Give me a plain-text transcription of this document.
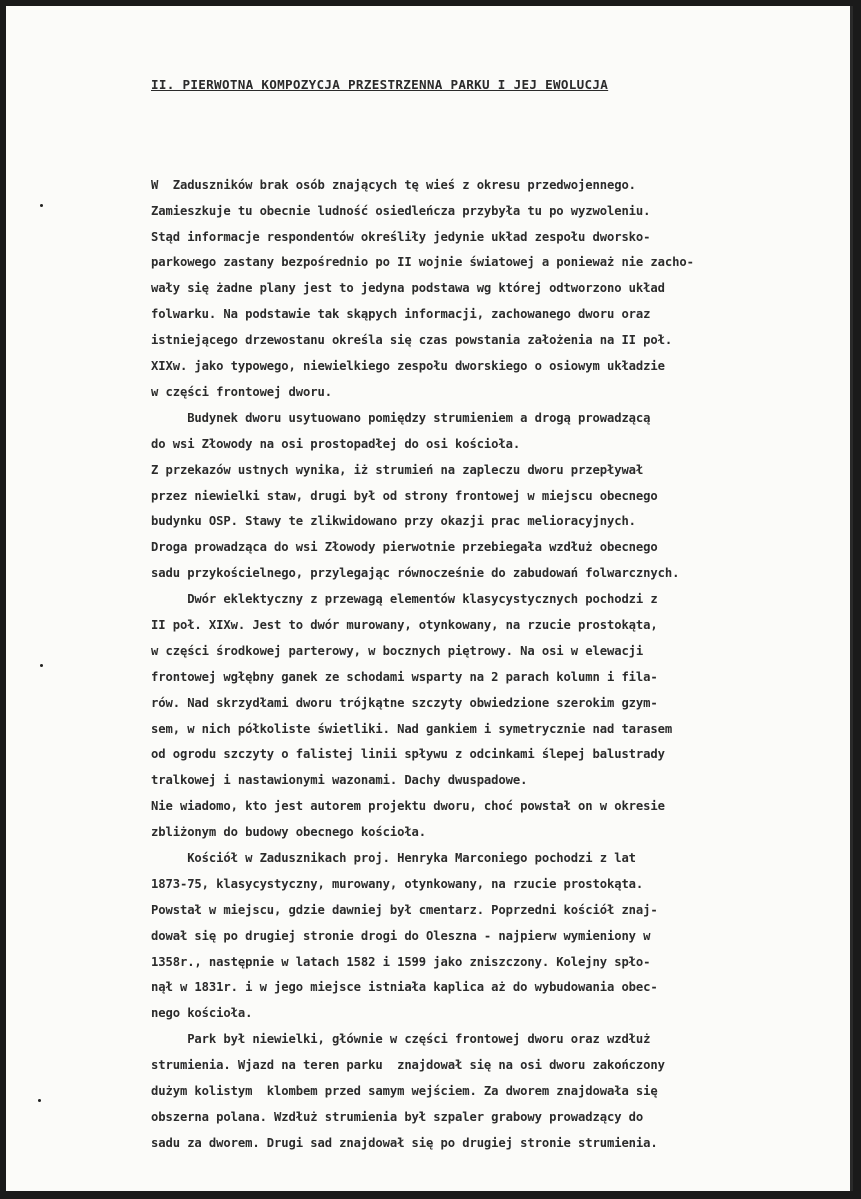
II. PIERWOTNA KOMPOZYCJA PRZESTRZENNA PARKU I JEJ EWOLUCJA

W  Zaduszników brak osób znających tę wieś z okresu przedwojennego.
Zamieszkuje tu obecnie ludność osiedleńcza przybyła tu po wyzwoleniu.
Stąd informacje respondentów określiły jedynie układ zespołu dworsko-
parkowego zastany bezpośrednio po II wojnie światowej a ponieważ nie zacho-
wały się żadne plany jest to jedyna podstawa wg której odtworzono układ
folwarku. Na podstawie tak skąpych informacji, zachowanego dworu oraz
istniejącego drzewostanu określa się czas powstania założenia na II poł.
XIXw. jako typowego, niewielkiego zespołu dworskiego o osiowym układzie
w części frontowej dworu.
Budynek dworu usytuowano pomiędzy strumieniem a drogą prowadzącą
do wsi Złowody na osi prostopadłej do osi kościoła.
Z przekazów ustnych wynika, iż strumień na zapleczu dworu przepływał
przez niewielki staw, drugi był od strony frontowej w miejscu obecnego
budynku OSP. Stawy te zlikwidowano przy okazji prac melioracyjnych.
Droga prowadząca do wsi Złowody pierwotnie przebiegała wzdłuż obecnego
sadu przykościelnego, przylegając równocześnie do zabudowań folwarcznych.
Dwór eklektyczny z przewagą elementów klasycystycznych pochodzi z
II poł. XIXw. Jest to dwór murowany, otynkowany, na rzucie prostokąta,
w części środkowej parterowy, w bocznych piętrowy. Na osi w elewacji
frontowej wgłębny ganek ze schodami wsparty na 2 parach kolumn i fila-
rów. Nad skrzydłami dworu trójkątne szczyty obwiedzione szerokim gzym-
sem, w nich półkoliste świetliki. Nad gankiem i symetrycznie nad tarasem
od ogrodu szczyty o falistej linii spływu z odcinkami ślepej balustrady
tralkowej i nastawionymi wazonami. Dachy dwuspadowe.
Nie wiadomo, kto jest autorem projektu dworu, choć powstał on w okresie
zbliżonym do budowy obecnego kościoła.
Kościół w Zadusznikach proj. Henryka Marconiego pochodzi z lat
1873-75, klasycystyczny, murowany, otynkowany, na rzucie prostokąta.
Powstał w miejscu, gdzie dawniej był cmentarz. Poprzedni kościół znaj-
dował się po drugiej stronie drogi do Oleszna - najpierw wymieniony w
1358r., następnie w latach 1582 i 1599 jako zniszczony. Kolejny spło-
nął w 1831r. i w jego miejsce istniała kaplica aż do wybudowania obec-
nego kościoła.
Park był niewielki, głównie w części frontowej dworu oraz wzdłuż
strumienia. Wjazd na teren parku  znajdował się na osi dworu zakończony
dużym kolistym  klombem przed samym wejściem. Za dworem znajdowała się
obszerna polana. Wzdłuż strumienia był szpaler grabowy prowadzący do
sadu za dworem. Drugi sad znajdował się po drugiej stronie strumienia.
